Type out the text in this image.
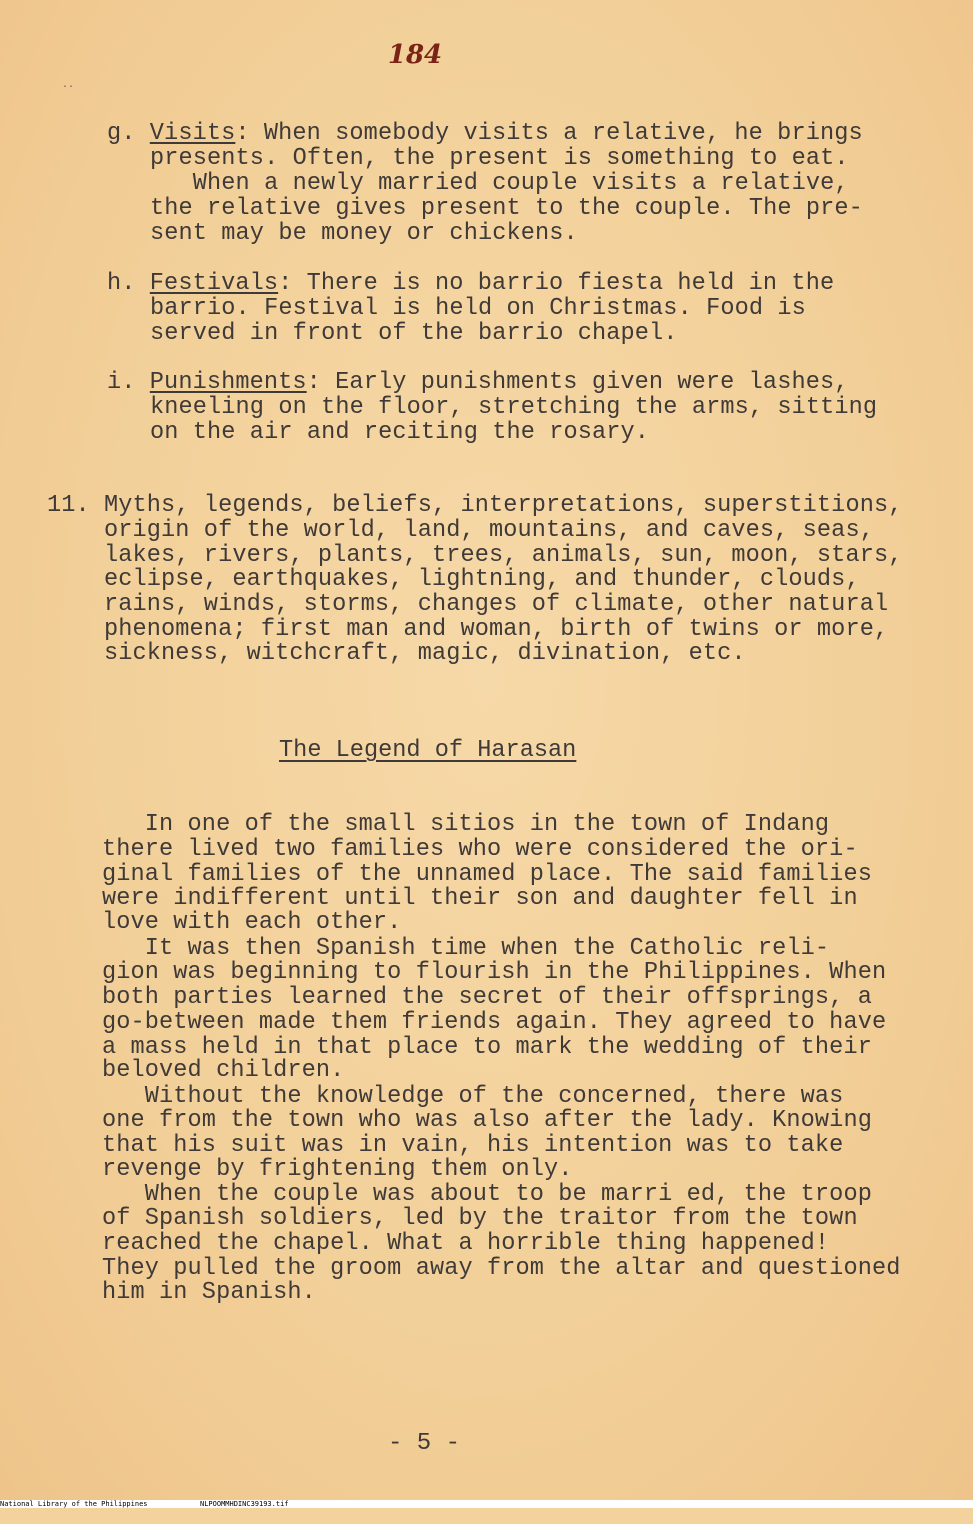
184
··
g. Visits: When somebody visits a relative, he brings
presents. Often, the present is something to eat.
When a newly married couple visits a relative,
the relative gives present to the couple. The pre-
sent may be money or chickens.
h. Festivals: There is no barrio fiesta held in the
barrio. Festival is held on Christmas. Food is
served in front of the barrio chapel.
i. Punishments: Early punishments given were lashes,
kneeling on the floor, stretching the arms, sitting
on the air and reciting the rosary.
11. Myths, legends, beliefs, interpretations, superstitions,
origin of the world, land, mountains, and caves, seas,
lakes, rivers, plants, trees, animals, sun, moon, stars,
eclipse, earthquakes, lightning, and thunder, clouds,
rains, winds, storms, changes of climate, other natural
phenomena; first man and woman, birth of twins or more,
sickness, witchcraft, magic, divination, etc.
The Legend of Harasan
In one of the small sitios in the town of Indang
there lived two families who were considered the ori-
ginal families of the unnamed place. The said families
were indifferent until their son and daughter fell in
love with each other.
It was then Spanish time when the Catholic reli-
gion was beginning to flourish in the Philippines. When
both parties learned the secret of their offsprings, a
go-between made them friends again. They agreed to have
a mass held in that place to mark the wedding of their
beloved children.
Without the knowledge of the concerned, there was
one from the town who was also after the lady. Knowing
that his suit was in vain, his intention was to take
revenge by frightening them only.
When the couple was about to be marri ed, the troop
of Spanish soldiers, led by the traitor from the town
reached the chapel. What a horrible thing happened!
They pulled the groom away from the altar and questioned
him in Spanish.
- 5 -

National Library of the Philippines

	NLPOOMMHDINC39193.tif
